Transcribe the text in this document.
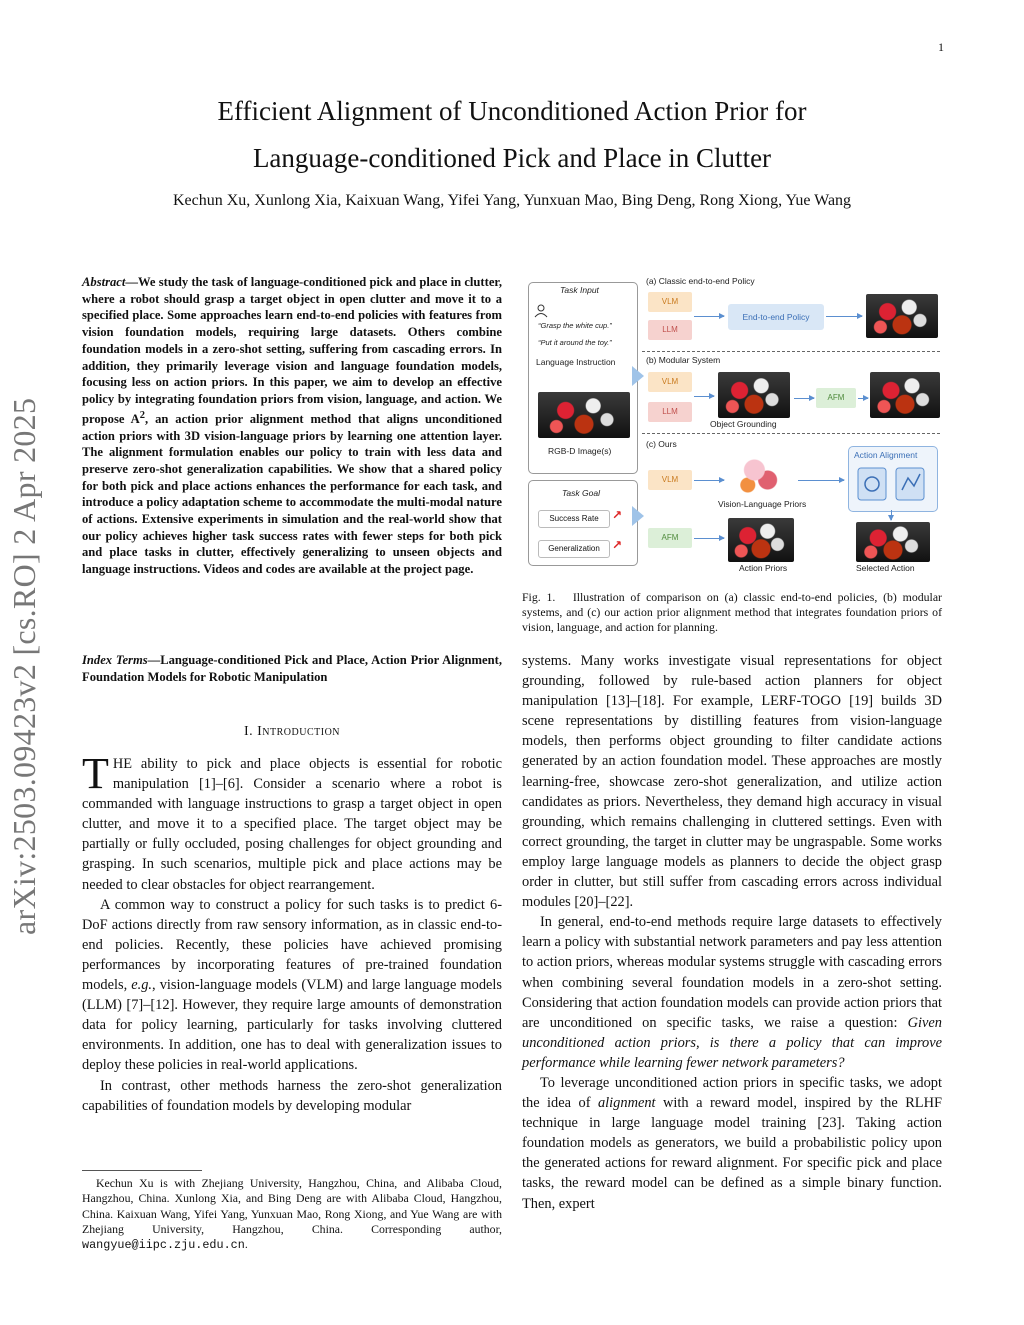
1
arXiv:2503.09423v2 [cs.RO] 2 Apr 2025
Efficient Alignment of Unconditioned Action Prior for
Language-conditioned Pick and Place in Clutter
Kechun Xu, Xunlong Xia, Kaixuan Wang, Yifei Yang, Yunxuan Mao, Bing Deng, Rong Xiong, Yue Wang
Abstract—We study the task of language-conditioned pick and place in clutter, where a robot should grasp a target object in open clutter and move it to a specified place. Some approaches learn end-to-end policies with features from vision foundation models, requiring large datasets. Others combine foundation models in a zero-shot setting, suffering from cascading errors. In addition, they primarily leverage vision and language foundation models, focusing less on action priors. In this paper, we aim to develop an effective policy by integrating foundation priors from vision, language, and action. We propose $A^2$, an action prior alignment method that aligns unconditioned action priors with 3D vision-language priors by learning one attention layer. The alignment formulation enables our policy to train with less data and preserve zero-shot generalization capabilities. We show that a shared policy for both pick and place actions enhances the performance for each task, and introduce a policy adaptation scheme to accommodate the multi-modal nature of actions. Extensive experiments in simulation and the real-world show that our policy achieves higher task success rates with fewer steps for both pick and place tasks in clutter, effectively generalizing to unseen objects and language instructions. Videos and codes are available at the project page.
Index Terms—Language-conditioned Pick and Place, Action Prior Alignment, Foundation Models for Robotic Manipulation
I. Introduction

THE ability to pick and place objects is essential for robotic manipulation [1]–[6]. Consider a scenario where a robot is commanded with language instructions to grasp a target object in open clutter, and move it to a specified place. The target object may be partially or fully occluded, posing challenges for object grounding and grasping. In such scenarios, multiple pick and place actions may be needed to clear obstacles for object rearrangement.

A common way to construct a policy for such tasks is to predict 6-DoF actions directly from raw sensory information, as in classic end-to-end policies. Recently, these policies have achieved promising performances by incorporating features of pre-trained foundation models, e.g., vision-language models (VLM) and large language models (LLM) [7]–[12]. However, they require large amounts of demonstration data for policy learning, particularly for tasks involving cluttered environments. In addition, one has to deal with generalization issues to deploy these policies in real-world applications.

In contrast, other methods harness the zero-shot generalization capabilities of foundation models by developing modular

Kechun Xu is with Zhejiang University, Hangzhou, China, and Alibaba Cloud, Hangzhou, China. Xunlong Xia, and Bing Deng are with Alibaba Cloud, Hangzhou, China. Kaixuan Wang, Yifei Yang, Yunxuan Mao, Rong Xiong, and Yue Wang are with Zhejiang University, Hangzhou, China. Corresponding author, wangyue@iipc.zju.edu.cn.
Task Input
“Grasp the white cup.”
“Put it around the toy.”
Language Instruction
RGB-D Image(s)
Task Goal
Success Rate	↗
Generalization	↗
(a) Classic end-to-end Policy
VLM
LLM
End-to-end Policy
(b) Modular System
VLM
LLM
Object Grounding
AFM
(c) Ours
VLM
Vision-Language Priors
Action Alignment
AFM
Action Priors	Selected Action
Fig. 1. Illustration of comparison on (a) classic end-to-end policies, (b) modular systems, and (c) our action prior alignment method that integrates foundation priors of vision, language, and action for planning.

systems. Many works investigate visual representations for object grounding, followed by rule-based action planners for object manipulation [13]–[18]. For example, LERF-TOGO [19] builds 3D scene representations by distilling features from vision-language models, then performs object grounding to filter candidate actions generated by an action foundation model. These approaches are mostly learning-free, showcase zero-shot generalization, and utilize action candidates as priors. Nevertheless, they demand high accuracy in visual grounding, which remains challenging in cluttered settings. Even with correct grounding, the target in clutter may be ungraspable. Some works employ large language models as planners to decide the object grasp order in clutter, but still suffer from cascading errors across individual modules [20]–[22].

In general, end-to-end methods require large datasets to effectively learn a policy with substantial network parameters and pay less attention to action priors, whereas modular systems struggle with cascading errors when combining several foundation models in a zero-shot setting. Considering that action foundation models can provide action priors that are unconditioned on specific tasks, we raise a question: Given unconditioned action priors, is there a policy that can improve performance while learning fewer network parameters?

To leverage unconditioned action priors in specific tasks, we adopt the idea of alignment with a reward model, inspired by the RLHF technique in large language model training [23]. Taking action foundation models as generators, we build a probabilistic policy upon the generated actions for reward alignment. For specific pick and place tasks, the reward model can be defined as a simple binary function. Then, expert
